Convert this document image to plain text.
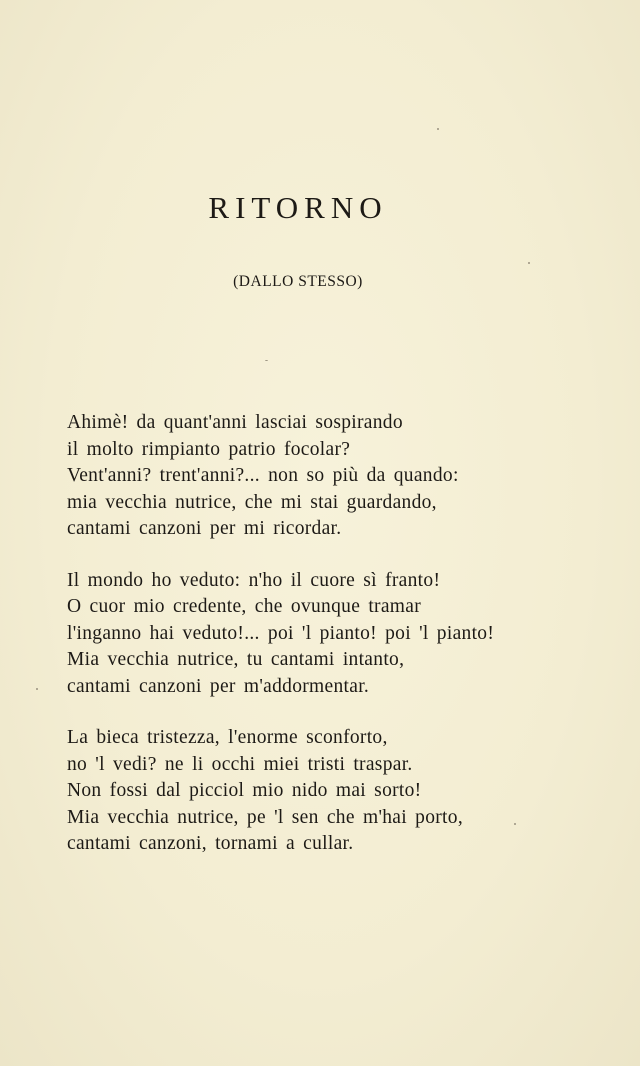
RITORNO
(DALLO STESSO)
Ahimè! da quant'anni lasciai sospirando
il molto rimpianto patrio focolar?
Vent'anni? trent'anni?... non so più da quando:
mia vecchia nutrice, che mi stai guardando,
cantami canzoni per mi ricordar.
Il mondo ho veduto: n'ho il cuore sì franto!
O cuor mio credente, che ovunque tramar
l'inganno hai veduto!... poi 'l pianto! poi 'l pianto!
Mia vecchia nutrice, tu cantami intanto,
cantami canzoni per m'addormentar.
La bieca tristezza, l'enorme sconforto,
no 'l vedi? ne li occhi miei tristi traspar.
Non fossi dal picciol mio nido mai sorto!
Mia vecchia nutrice, pe 'l sen che m'hai porto,
cantami canzoni, tornami a cullar.
